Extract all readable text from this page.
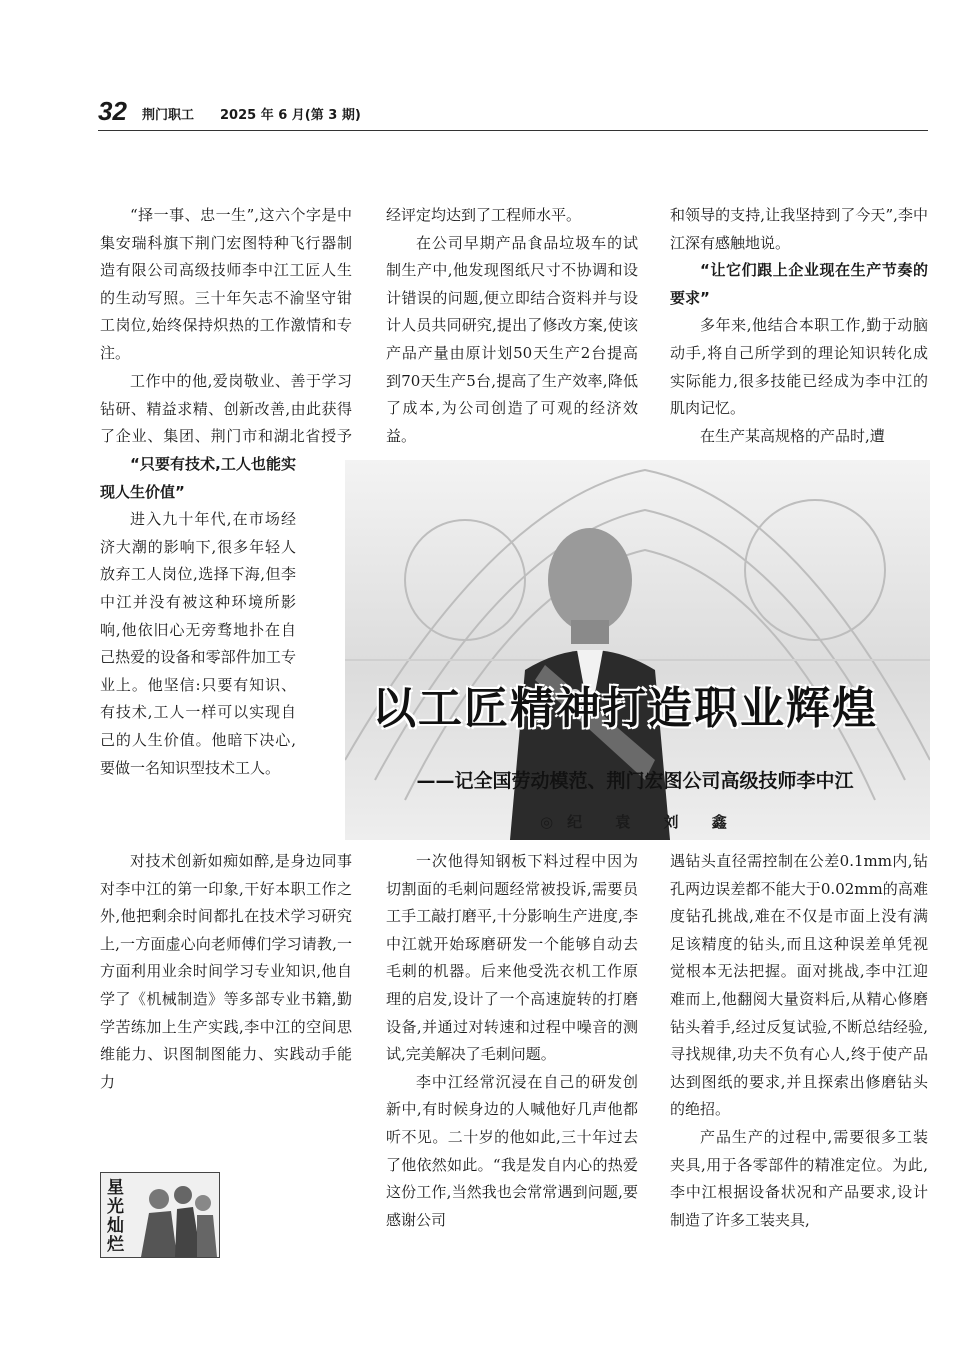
32 荆门职工 2025 年 6 月(第 3 期)

“择一事、忠一生”,这六个字是中集安瑞科旗下荆门宏图特种飞行器制造有限公司高级技师李中江工匠人生的生动写照。三十年矢志不渝坚守钳工岗位,始终保持炽热的工作激情和专注。

工作中的他,爱岗敬业、善于学习钻研、精益求精、创新改善,由此获得了企业、集团、荆门市和湖北省授予

“只要有技术,工人也能实现人生价值”

进入九十年代,在市场经济大潮的影响下,很多年轻人放弃工人岗位,选择下海,但李中江并没有被这种环境所影响,他依旧心无旁骛地扑在自己热爱的设备和零部件加工专业上。他坚信:只要有知识、有技术,工人一样可以实现自己的人生价值。他暗下决心,要做一名知识型技术工人。

对技术创新如痴如醉,是身边同事对李中江的第一印象,干好本职工作之外,他把剩余时间都扎在技术学习研究上,一方面虚心向老师傅们学习请教,一方面利用业余时间学习专业知识,他自学了《机械制造》等多部专业书籍,勤学苦练加上生产实践,李中江的空间思维能力、识图制图能力、实践动手能力

经评定均达到了工程师水平。

在公司早期产品食品垃圾车的试制生产中,他发现图纸尺寸不协调和设计错误的问题,便立即结合资料并与设计人员共同研究,提出了修改方案,使该产品产量由原计划50天生产2台提高到70天生产5台,提高了生产效率,降低了成本,为公司创造了可观的经济效益。

和领导的支持,让我坚持到了今天”,李中江深有感触地说。

“让它们跟上企业现在生产节奏的要求”

多年来,他结合本职工作,勤于动脑动手,将自己所学到的理论知识转化成实际能力,很多技能已经成为李中江的肌肉记忆。

在生产某高规格的产品时,遭

以工匠精神打造职业辉煌
——记全国劳动模范、荆门宏图公司高级技师李中江
◎纪 袁 刘 鑫

一次他得知钢板下料过程中因为切割面的毛刺问题经常被投诉,需要员工手工敲打磨平,十分影响生产进度,李中江就开始琢磨研发一个能够自动去毛刺的机器。后来他受洗衣机工作原理的启发,设计了一个高速旋转的打磨设备,并通过对转速和过程中噪音的测试,完美解决了毛刺问题。

李中江经常沉浸在自己的研发创新中,有时候身边的人喊他好几声他都听不见。二十岁的他如此,三十年过去了他依然如此。“我是发自内心的热爱这份工作,当然我也会常常遇到问题,要感谢公司

遇钻头直径需控制在公差0.1mm内,钻孔两边误差都不能大于0.02mm的高难度钻孔挑战,难在不仅是市面上没有满足该精度的钻头,而且这种误差单凭视觉根本无法把握。面对挑战,李中江迎难而上,他翻阅大量资料后,从精心修磨钻头着手,经过反复试验,不断总结经验,寻找规律,功夫不负有心人,终于使产品达到图纸的要求,并且探索出修磨钻头的绝招。

产品生产的过程中,需要很多工装夹具,用于各零部件的精准定位。为此,李中江根据设备状况和产品要求,设计制造了许多工装夹具,

星光灿烂
